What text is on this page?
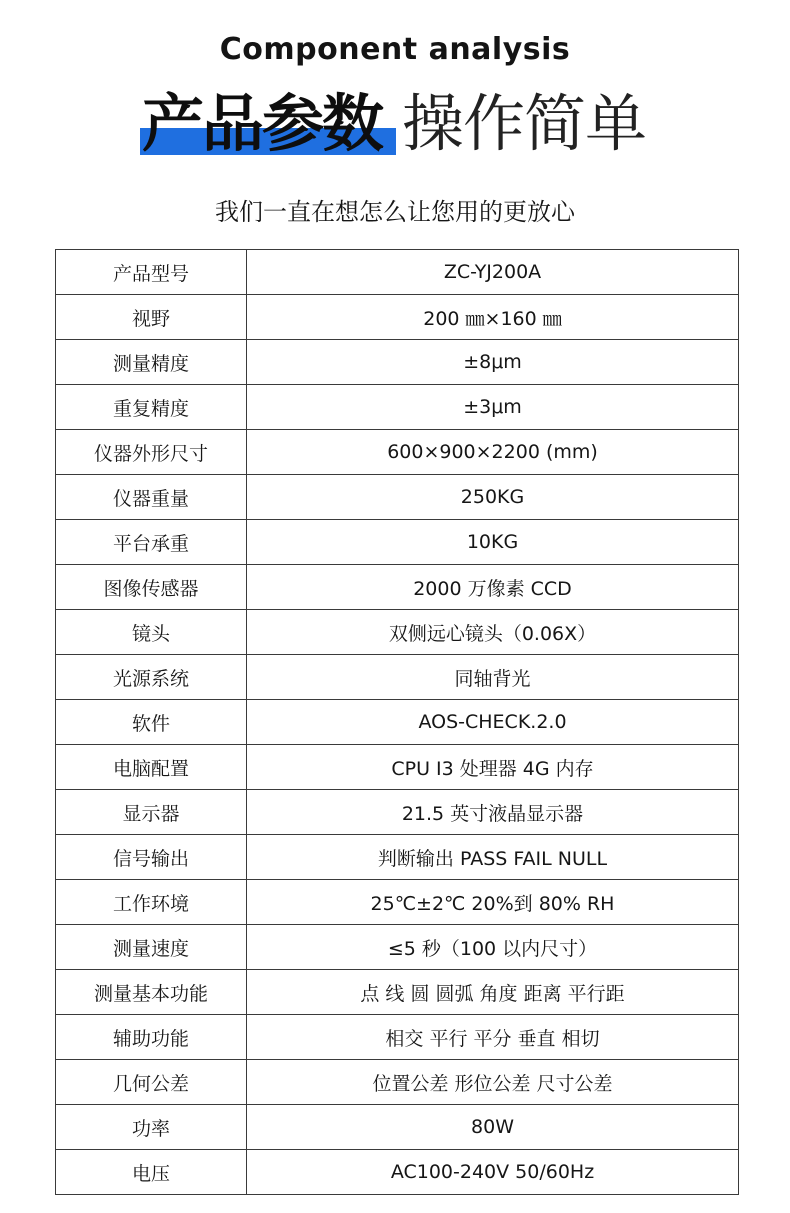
Component analysis
产品参数 操作简单
我们一直在想怎么让您用的更放心
产品型号	ZC-YJ200A
视野	200 ㎜×160 ㎜
测量精度	±8μm
重复精度	±3μm
仪器外形尺寸	600×900×2200 (mm)
仪器重量	250KG
平台承重	10KG
图像传感器	2000 万像素 CCD
镜头	双侧远心镜头（0.06X）
光源系统	同轴背光
软件	AOS-CHECK.2.0
电脑配置	CPU I3 处理器 4G 内存
显示器	21.5 英寸液晶显示器
信号输出	判断输出 PASS FAIL NULL
工作环境	25℃±2℃ 20%到 80% RH
测量速度	≤5 秒（100 以内尺寸）
测量基本功能	点 线 圆 圆弧 角度 距离 平行距
辅助功能	相交 平行 平分 垂直 相切
几何公差	位置公差 形位公差 尺寸公差
功率	80W
电压	AC100-240V 50/60Hz
